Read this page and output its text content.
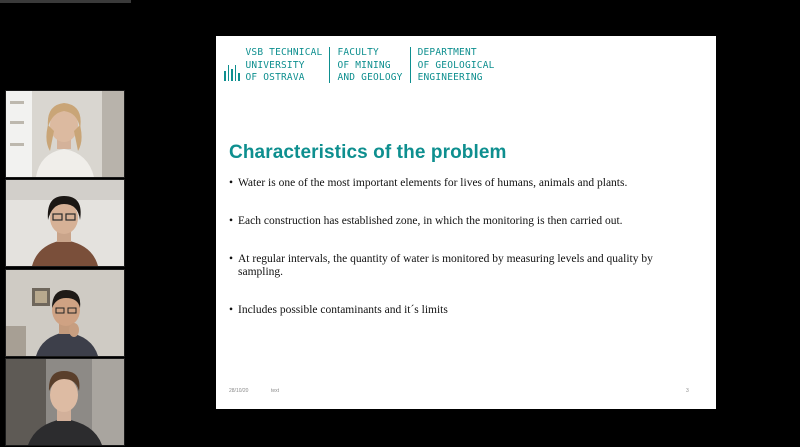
VSB TECHNICAL
UNIVERSITY
OF OSTRAVA
FACULTY
OF MINING
AND GEOLOGY
DEPARTMENT
OF GEOLOGICAL
ENGINEERING
Characteristics of the problem
• Water is one of the most important elements for lives of humans, animals and plants.
• Each construction has established zone, in which the monitoring is then carried out.
• At regular intervals, the quantity of water is monitored by measuring levels and quality by sampling.
• Includes possible contaminants and it´s limits
28/10/20	text	3
